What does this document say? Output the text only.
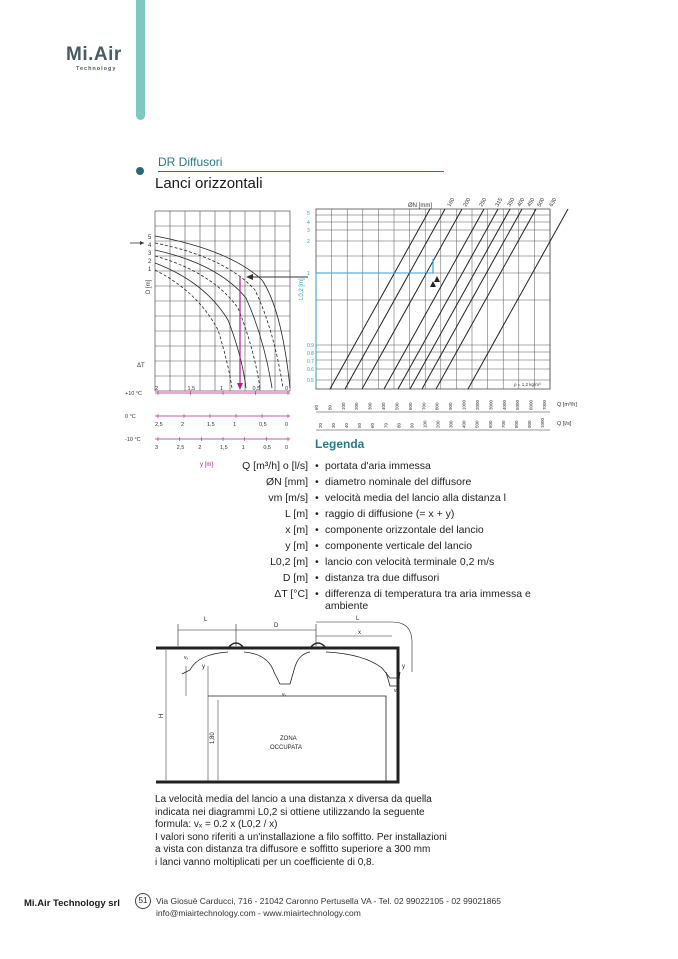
Mi.Air
Technology
DR Diffusori
Lanci orizzontali
D [m]
5
4
3
2
1
ΔT
+10 °C
2	1,5	1	0,5	0
0 °C
2,5	2	1,5	1	0,5	0
-10 °C
3	2,5	2	1,5	1	0,5	0
y [m]
L0,2 [m]
5
4
3
2
1
0.9
0.8
0.7
0.6
0.5
ØN [mm]	160 200 250 315 350 400 450 500 630
ρ = 1,2 kg/m³
60 80 100 200 300 400 500 600 700 800 900 1000 2000 3000 4000 5000 6000 7000
20 30 40 50 60 70 80 90 100 200 300 400 500 600 700 800 900 1000
Q [m³/h]
Q [l/s]
Legenda
Q [m³/h] o [l/s] • portata d'aria immessa
ØN [mm] • diametro nominale del diffusore
vm [m/s] • velocità media del lancio alla distanza l
L [m] • raggio di diffusione (= x + y)
x [m] • componente orizzontale del lancio
y [m] • componente verticale del lancio
L0,2 [m] • lancio con velocità terminale 0,2 m/s
D [m] • distanza tra due diffusori
ΔT [°C] • differenza di temperatura tra aria immessa e ambiente
L
D
L
x
y	y
vₓ
vₓ
vₓ
H
1,80	ZONA
OCCUPATA
La velocità media del lancio a una distanza x diversa da quella
indicata nei diagrammi L0,2 si ottiene utilizzando la seguente
formula: vₓ = 0.2 x (L0,2 / x)
I valori sono riferiti a un'installazione a filo soffitto. Per installazioni
a vista con distanza tra diffusore e soffitto superiore a 300 mm
i lanci vanno moltiplicati per un coefficiente di 0,8.
Mi.Air Technology srl	51	Via Giosuè Carducci, 716 - 21042 Caronno Pertusella VA - Tel. 02 99022105 - 02 99021865
info@miairtechnology.com - www.miairtechnology.com
